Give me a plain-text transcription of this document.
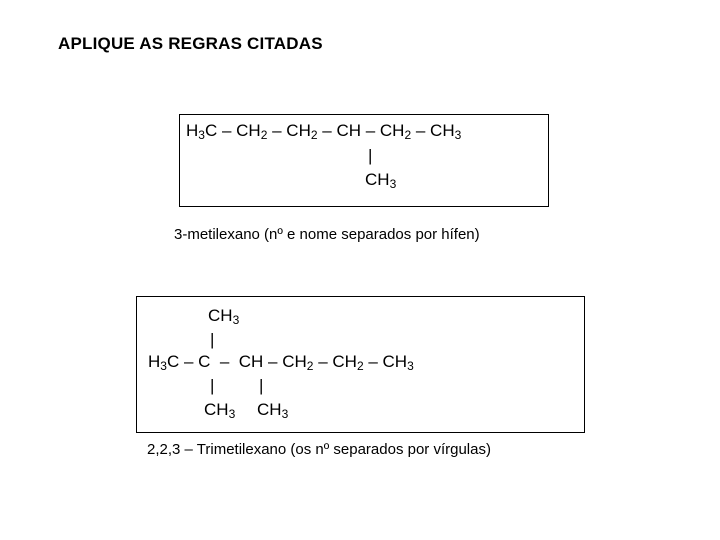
APLIQUE AS REGRAS CITADAS
$H_3C - CH_2 - CH_2$ – CH – $CH_2 - CH_3$
|
$CH_3$
3-metilexano (nº e nome separados por hífen)
$CH_3$
|
$H_3C$ – C  –  CH – $CH_2 - CH_2 - CH_3$
|	|
$CH_3$ $CH_3$
2,2,3 – Trimetilexano (os nº separados por vírgulas)
